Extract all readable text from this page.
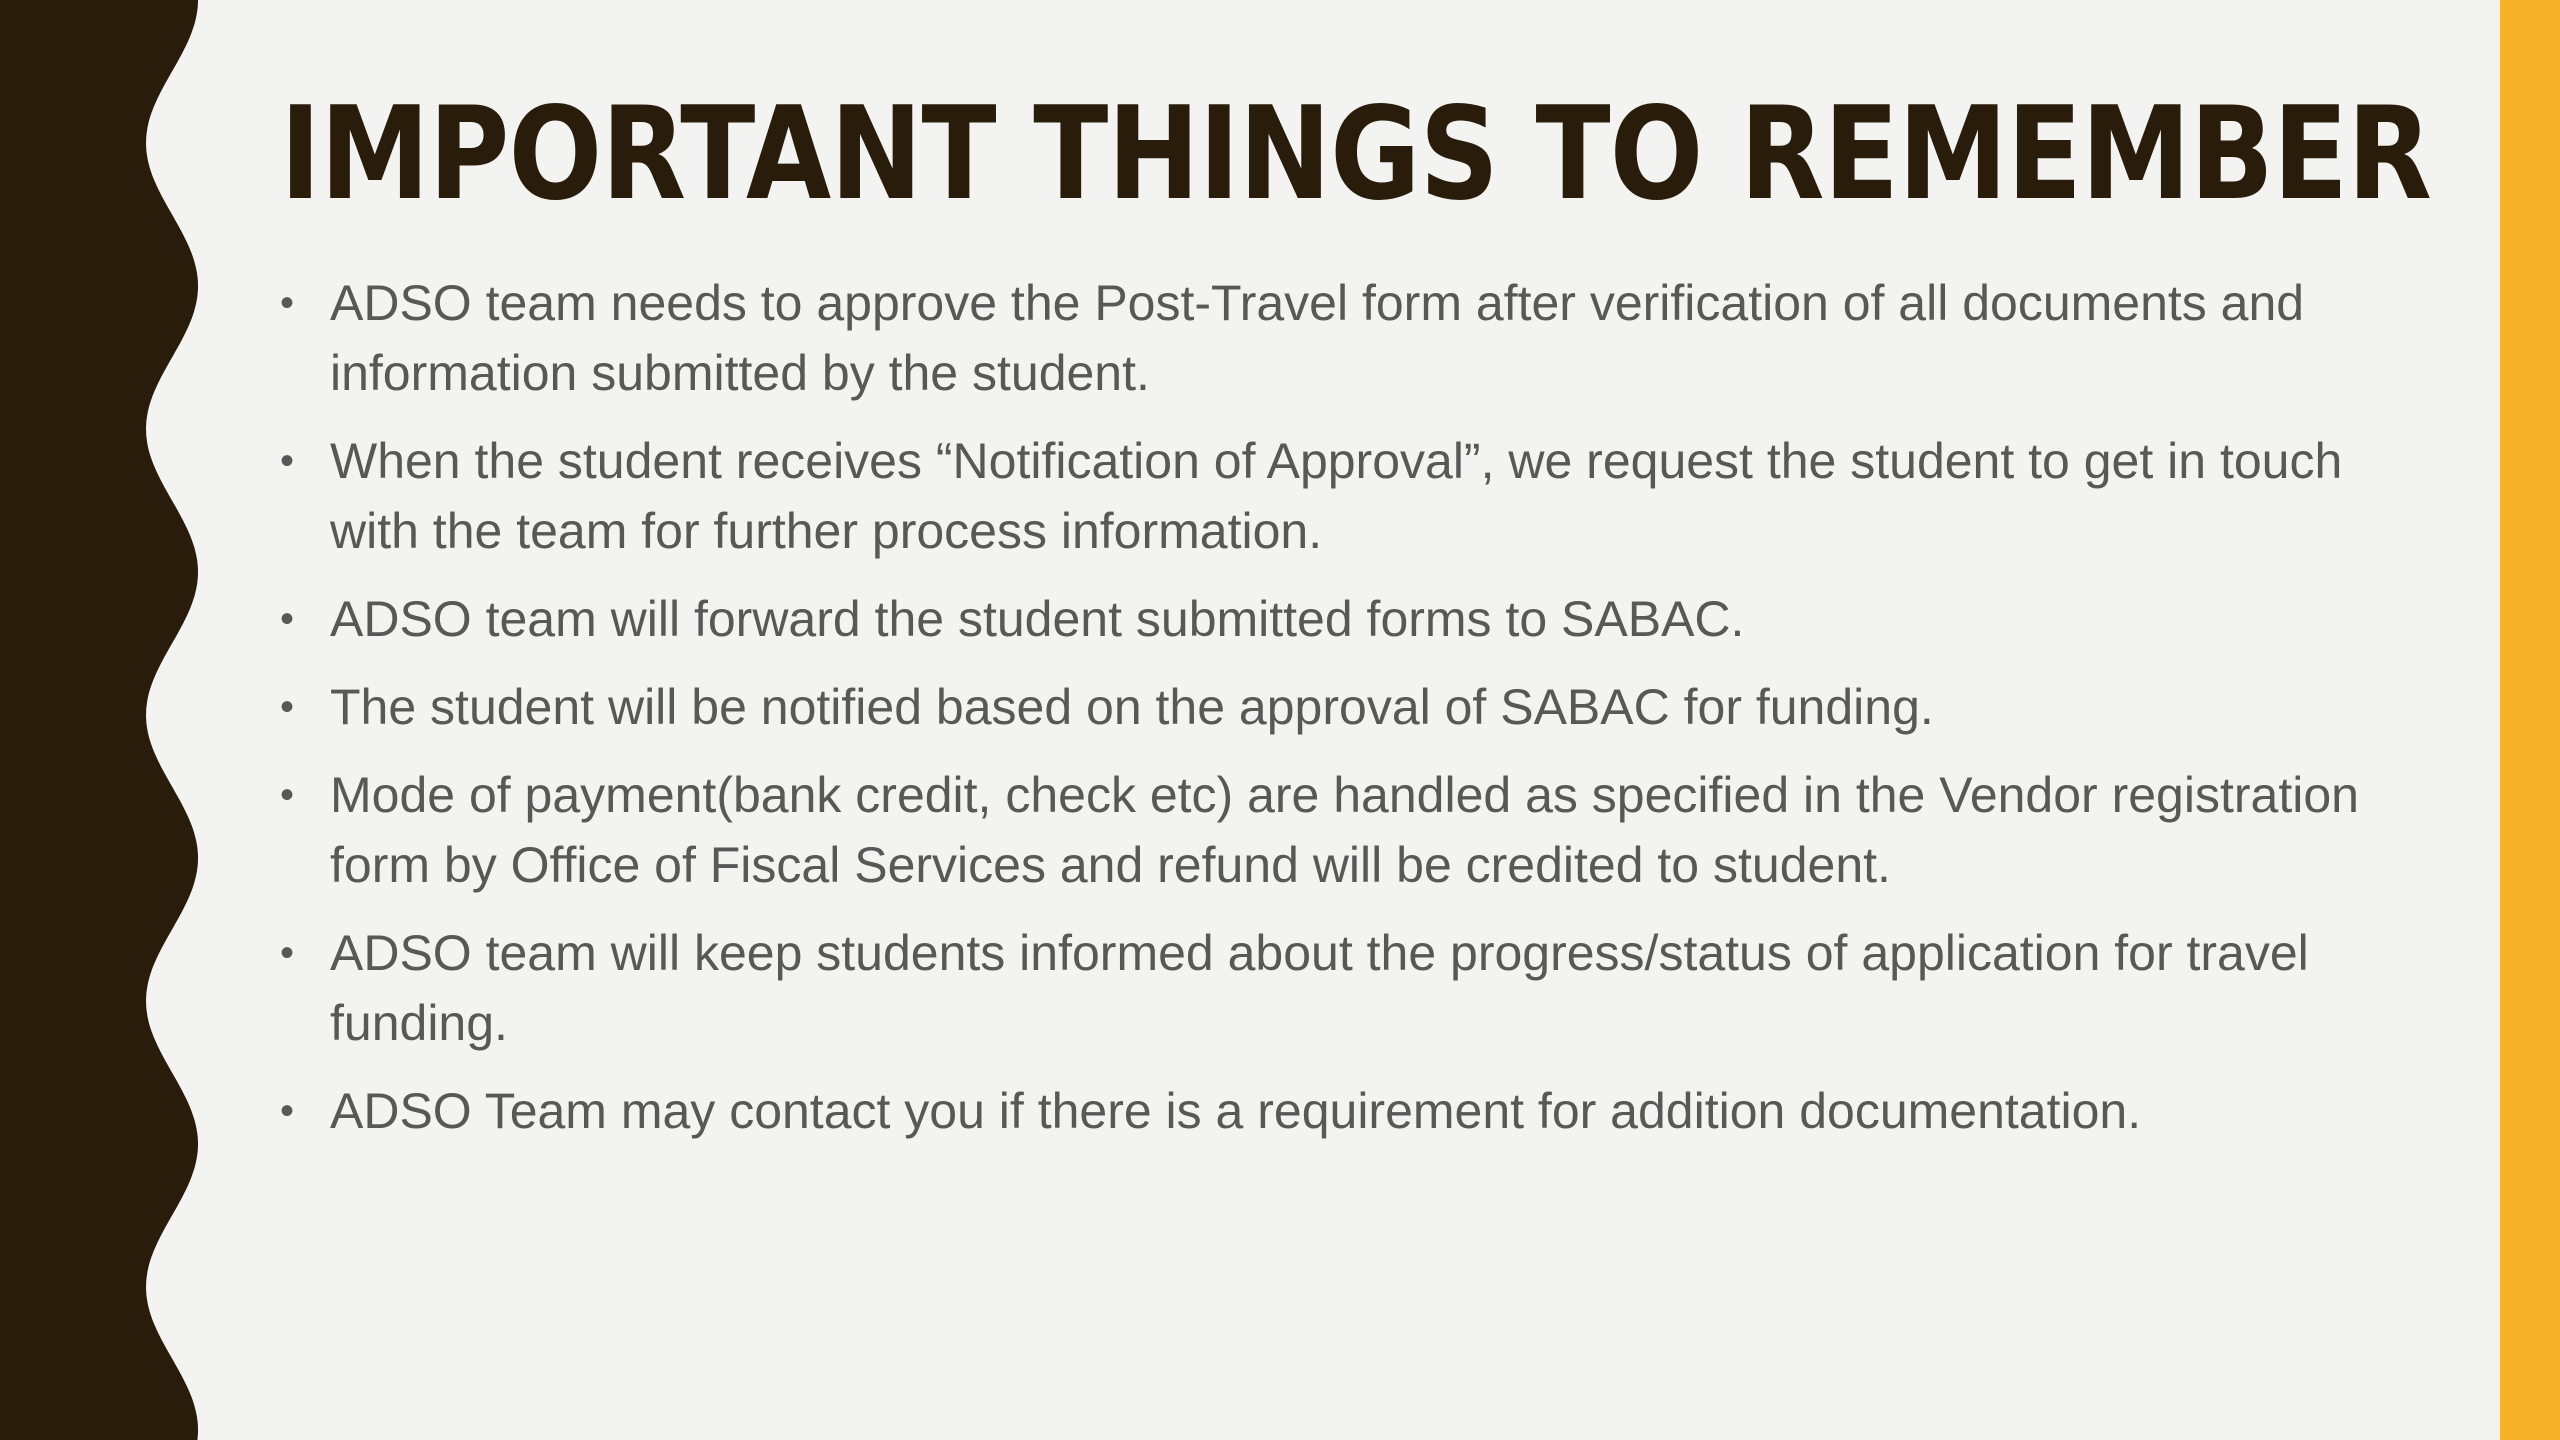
IMPORTANT THINGS TO REMEMBER
• ADSO team needs to approve the Post-Travel form after verification of all documents and information submitted by the student.
• When the student receives “Notification of Approval”, we request the student to get in touch with the team for further process information.
• ADSO team will forward the student submitted forms to SABAC.
• The student will be notified based on the approval of SABAC for funding.
• Mode of payment(bank credit, check etc) are handled as specified in the Vendor registration form by Office of Fiscal Services and refund will be credited to student.
• ADSO team will keep students informed about the progress/status of application for travel funding.
• ADSO Team may contact you if there is a requirement for addition documentation.
